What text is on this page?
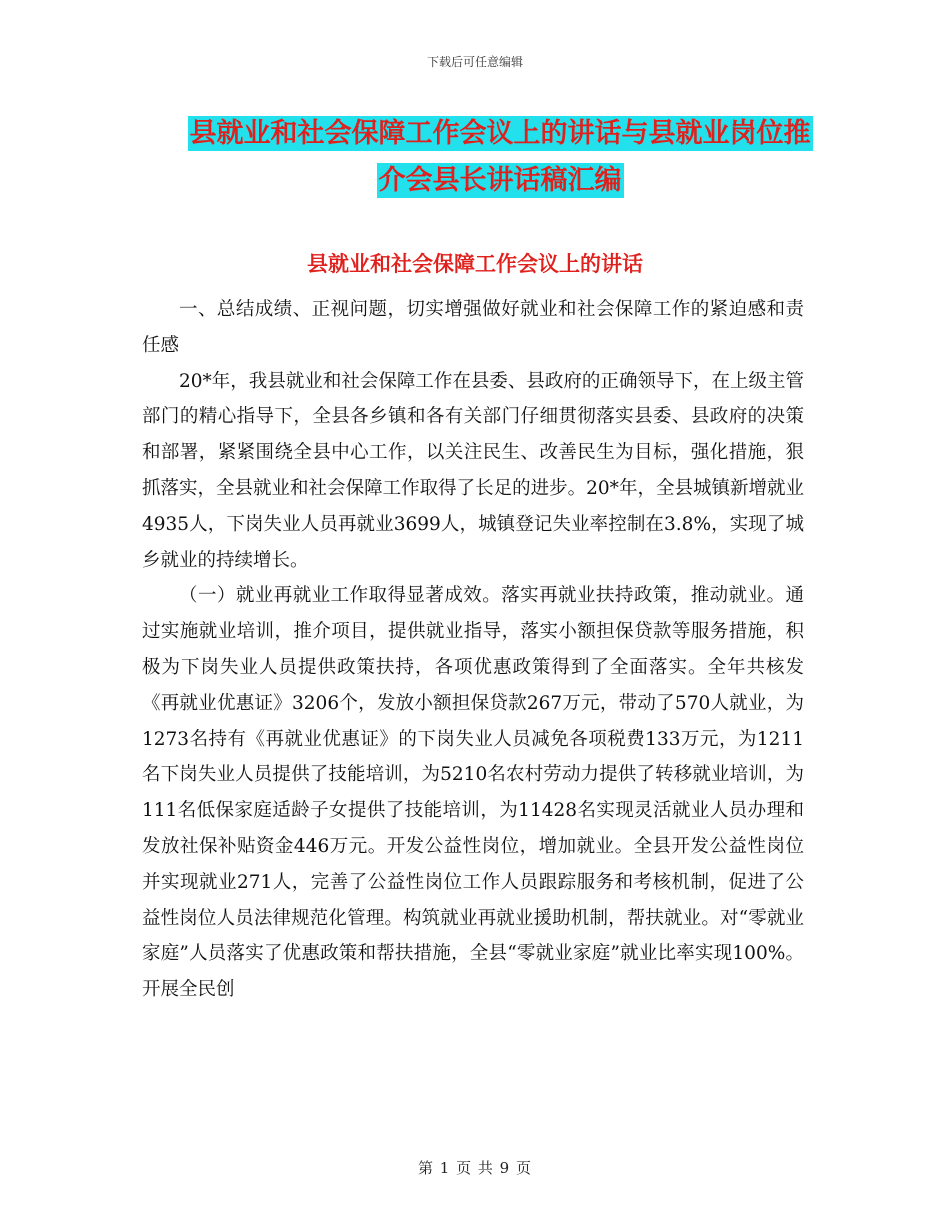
下载后可任意编辑
县就业和社会保障工作会议上的讲话与县就业岗位推
介会县长讲话稿汇编
县就业和社会保障工作会议上的讲话

一、总结成绩、正视问题，切实增强做好就业和社会保障工作的紧迫感和责任感

20*年，我县就业和社会保障工作在县委、县政府的正确领导下，在上级主管部门的精心指导下，全县各乡镇和各有关部门仔细贯彻落实县委、县政府的决策和部署，紧紧围绕全县中心工作，以关注民生、改善民生为目标，强化措施，狠抓落实，全县就业和社会保障工作取得了长足的进步。20*年，全县城镇新增就业4935人，下岗失业人员再就业3699人，城镇登记失业率控制在3.8%，实现了城乡就业的持续增长。

（一）就业再就业工作取得显著成效。落实再就业扶持政策，推动就业。通过实施就业培训，推介项目，提供就业指导，落实小额担保贷款等服务措施，积极为下岗失业人员提供政策扶持，各项优惠政策得到了全面落实。全年共核发《再就业优惠证》3206个，发放小额担保贷款267万元，带动了570人就业，为1273名持有《再就业优惠证》的下岗失业人员减免各项税费133万元，为1211名下岗失业人员提供了技能培训，为5210名农村劳动力提供了转移就业培训，为111名低保家庭适龄子女提供了技能培训，为11428名实现灵活就业人员办理和发放社保补贴资金446万元。开发公益性岗位，增加就业。全县开发公益性岗位并实现就业271人，完善了公益性岗位工作人员跟踪服务和考核机制，促进了公益性岗位人员法律规范化管理。构筑就业再就业援助机制，帮扶就业。对“零就业家庭”人员落实了优惠政策和帮扶措施，全县“零就业家庭”就业比率实现100%。开展全民创

第 1 页 共 9 页
